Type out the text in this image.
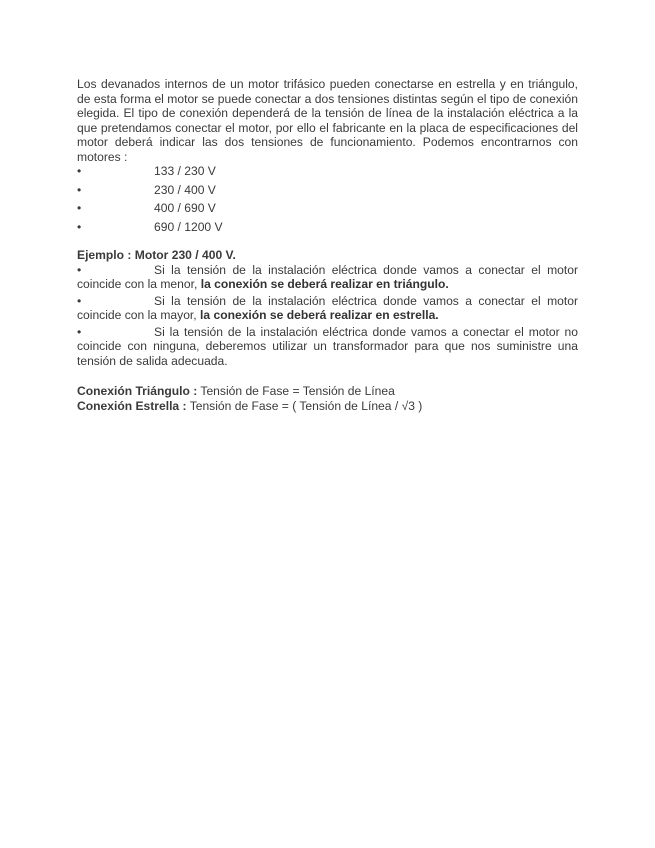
Los devanados internos de un motor trifásico pueden conectarse en estrella y en triángulo, de esta forma el motor se puede conectar a dos tensiones distintas según el tipo de conexión elegida. El tipo de conexión dependerá de la tensión de línea de la instalación eléctrica a la que pretendamos conectar el motor, por ello el fabricante en la placa de especificaciones del motor deberá indicar las dos tensiones de funcionamiento. Podemos encontrarnos con motores :

•	133 / 230 V
•	230 / 400 V
•	400 / 690 V
•	690 / 1200 V

Ejemplo : Motor 230 / 400 V.

•	Si la tensión de la instalación eléctrica donde vamos a conectar el motor coincide con la menor, la conexión se deberá realizar en triángulo.

•	Si la tensión de la instalación eléctrica donde vamos a conectar el motor coincide con la mayor, la conexión se deberá realizar en estrella.

•	Si la tensión de la instalación eléctrica donde vamos a conectar el motor no coincide con ninguna, deberemos utilizar un transformador para que nos suministre una tensión de salida adecuada.

Conexión Triángulo : Tensión de Fase = Tensión de Línea

Conexión Estrella : Tensión de Fase = ( Tensión de Línea / √3 )
